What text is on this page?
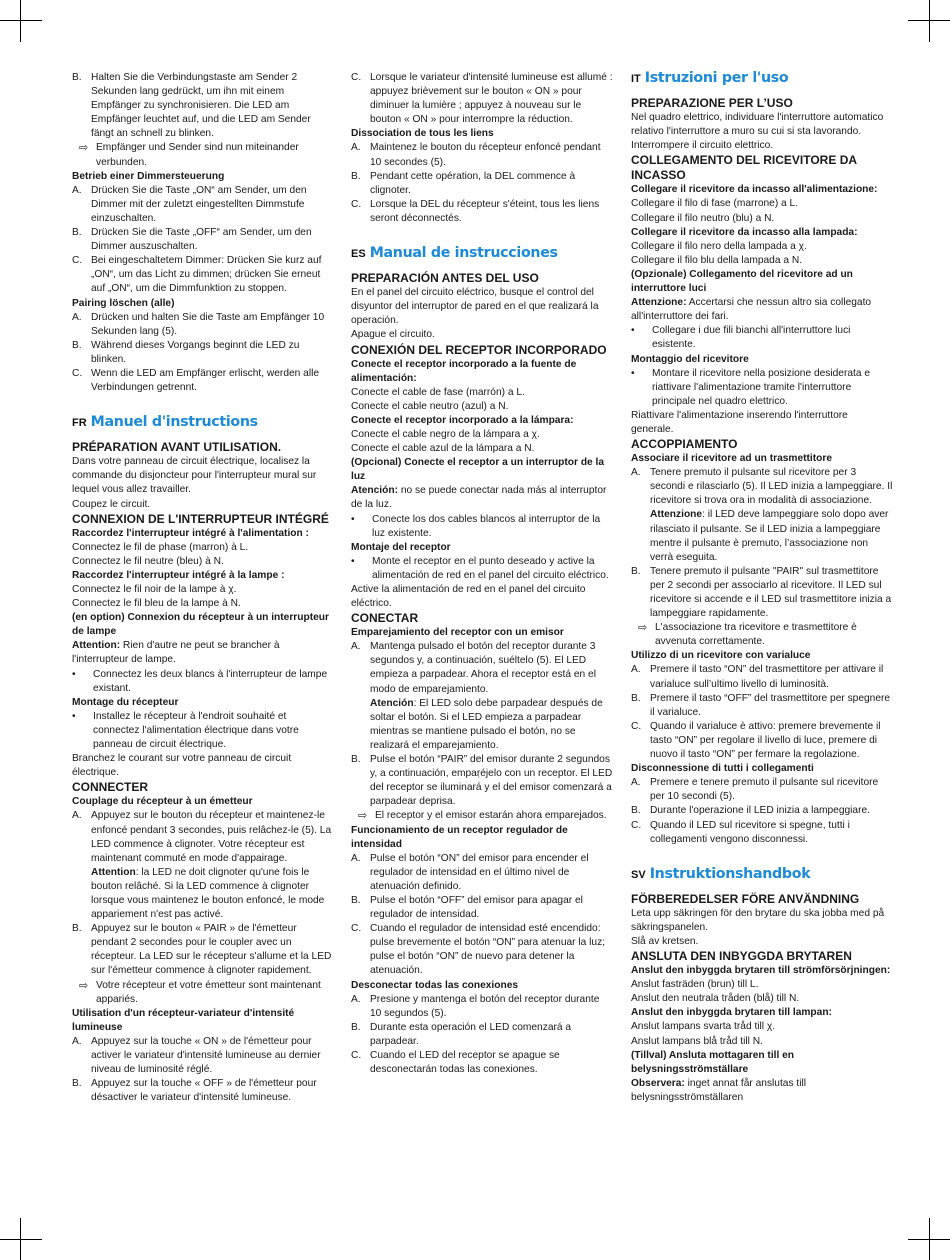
B. Halten Sie die Verbindungstaste am Sender 2 Sekunden lang gedrückt, um ihn mit einem Empfänger zu synchronisieren. Die LED am Empfänger leuchtet auf, und die LED am Sender fängt an schnell zu blinken.
⇨ Empfänger und Sender sind nun miteinander verbunden.

Betrieb einer Dimmersteuerung

A. Drücken Sie die Taste „ON“ am Sender, um den Dimmer mit der zuletzt eingestellten Dimmstufe einzuschalten.
B. Drücken Sie die Taste „OFF“ am Sender, um den Dimmer auszuschalten.
C. Bei eingeschaltetem Dimmer: Drücken Sie kurz auf „ON“, um das Licht zu dimmen; drücken Sie erneut auf „ON“, um die Dimmfunktion zu stoppen.

Pairing löschen (alle)

A. Drücken und halten Sie die Taste am Empfänger 10 Sekunden lang (5).
B. Während dieses Vorgangs beginnt die LED zu blinken.
C. Wenn die LED am Empfänger erlischt, werden alle Verbindungen getrennt.
FR Manuel d'instructions

PRÉPARATION AVANT UTILISATION.

Dans votre panneau de circuit électrique, localisez la commande du disjoncteur pour l'interrupteur mural sur lequel vous allez travailler.

Coupez le circuit.

CONNEXION DE L'INTERRUPTEUR INTÉGRÉ

Raccordez l'interrupteur intégré à l'alimentation :

Connectez le fil de phase (marron) à L.

Connectez le fil neutre (bleu) à N.

Raccordez l'interrupteur intégré à la lampe :

Connectez le fil noir de la lampe à χ.

Connectez le fil bleu de la lampe à N.

(en option) Connexion du récepteur à un interrupteur de lampe

Attention: Rien d'autre ne peut se brancher à l'interrupteur de lampe.

•	Connectez les deux blancs à l'interrupteur de lampe existant.

Montage du récepteur

•	Installez le récepteur à l'endroit souhaité et connectez l'alimentation électrique dans votre panneau de circuit électrique.

Branchez le courant sur votre panneau de circuit électrique.

CONNECTER

Couplage du récepteur à un émetteur

A. Appuyez sur le bouton du récepteur et maintenez-le enfoncé pendant 3 secondes, puis relâchez-le (5). La LED commence à clignoter. Votre récepteur est maintenant commuté en mode d'appairage.

Attention: la LED ne doit clignoter qu'une fois le bouton relâché. Si la LED commence à clignoter lorsque vous maintenez le bouton enfoncé, le mode appariement n'est pas activé.

B. Appuyez sur le bouton « PAIR » de l'émetteur pendant 2 secondes pour le coupler avec un récepteur. La LED sur le récepteur s'allume et la LED sur l'émetteur commence à clignoter rapidement.
⇨ Votre récepteur et votre émetteur sont maintenant appariés.

Utilisation d'un récepteur-variateur d'intensité lumineuse

A. Appuyez sur la touche « ON » de l'émetteur pour activer le variateur d'intensité lumineuse au dernier niveau de luminosité réglé.
B. Appuyez sur la touche « OFF » de l'émetteur pour désactiver le variateur d'intensité lumineuse.
C. Lorsque le variateur d'intensité lumineuse est allumé : appuyez brièvement sur le bouton « ON » pour diminuer la lumière ; appuyez à nouveau sur le bouton « ON » pour interrompre la réduction.

Dissociation de tous les liens

A. Maintenez le bouton du récepteur enfoncé pendant 10 secondes (5).
B. Pendant cette opération, la DEL commence à clignoter.
C. Lorsque la DEL du récepteur s'éteint, tous les liens seront déconnectés.
ES Manual de instrucciones

PREPARACIÓN ANTES DEL USO

En el panel del circuito eléctrico, busque el control del disyuntor del interruptor de pared en el que realizará la operación.

Apague el circuito.

CONEXIÓN DEL RECEPTOR INCORPORADO

Conecte el receptor incorporado a la fuente de alimentación:

Conecte el cable de fase (marrón) a L.

Conecte el cable neutro (azul) a N.

Conecte el receptor incorporado a la lámpara:

Conecte el cable negro de la lámpara a χ.

Conecte el cable azul de la lámpara a N.

(Opcional) Conecte el receptor a un interruptor de la luz

Atención: no se puede conectar nada más al interruptor de la luz.

•	Conecte los dos cables blancos al interruptor de la luz existente.

Montaje del receptor

•	Monte el receptor en el punto deseado y active la alimentación de red en el panel del circuito eléctrico.

Active la alimentación de red en el panel del circuito eléctrico.

CONECTAR

Emparejamiento del receptor con un emisor

A. Mantenga pulsado el botón del receptor durante 3 segundos y, a continuación, suéltelo (5). El LED empieza a parpadear. Ahora el receptor está en el modo de emparejamiento.

Atención: El LED solo debe parpadear después de soltar el botón. Si el LED empieza a parpadear mientras se mantiene pulsado el botón, no se realizará el emparejamiento.

B. Pulse el botón “PAIR” del emisor durante 2 segundos y, a continuación, empaṛéjelo con un receptor. El LED del receptor se iluminará y el del emisor comenzará a parpadear deprisa.
⇨ El receptor y el emisor estarán ahora emparejados.

Funcionamiento de un receptor regulador de intensidad

A. Pulse el botón “ON” del emisor para encender el regulador de intensidad en el último nivel de atenuación definido.
B. Pulse el botón “OFF” del emisor para apagar el regulador de intensidad.
C. Cuando el regulador de intensidad esté encendido: pulse brevemente el botón “ON” para atenuar la luz; pulse el botón “ON” de nuevo para detener la atenuación.

Desconectar todas las conexiones

A. Presione y mantenga el botón del receptor durante 10 segundos (5).
B. Durante esta operación el LED comenzará a parpadear.
C. Cuando el LED del receptor se apague se desconectarán todas las conexiones.
IT Istruzioni per l'uso

PREPARAZIONE PER L’USO

Nel quadro elettrico, individuare l'interruttore automatico relativo l'interruttore a muro su cui si sta lavorando.

Interrompere il circuito elettrico.

COLLEGAMENTO DEL RICEVITORE DA INCASSO

Collegare il ricevitore da incasso all'alimentazione:

Collegare il filo di fase (marrone) a L.

Collegare il filo neutro (blu) a N.

Collegare il ricevitore da incasso alla lampada:

Collegare il filo nero della lampada a χ.

Collegare il filo blu della lampada a N.

(Opzionale) Collegamento del ricevitore ad un interruttore luci

Attenzione: Accertarsi che nessun altro sia collegato all'interruttore dei fari.

•	Collegare i due fili bianchi all'interruttore luci esistente.

Montaggio del ricevitore

•	Montare il ricevitore nella posizione desiderata e riattivare l'alimentazione tramite l'interruttore principale nel quadro elettrico.

Riattivare l'alimentazione inserendo l'interruttore generale.

ACCOPPIAMENTO

Associare il ricevitore ad un trasmettitore

A. Tenere premuto il pulsante sul ricevitore per 3 secondi e rilasciarlo (5). Il LED inizia a lampeggiare. Il ricevitore si trova ora in modalità di associazione.

Attenzione: il LED deve lampeggiare solo dopo aver rilasciato il pulsante. Se il LED inizia a lampeggiare mentre il pulsante è premuto, l’associazione non verrà eseguita.

B. Tenere premuto il pulsante "PAIR" sul trasmettitore per 2 secondi per associarlo al ricevitore. Il LED sul ricevitore si accende e il LED sul trasmettitore inizia a lampeggiare rapidamente.
⇨ L'associazione tra ricevitore e trasmettitore è avvenuta correttamente.

Utilizzo di un ricevitore con varialuce

A. Premere il tasto “ON” del trasmettitore per attivare il varialuce sull’ultimo livello di luminosità.
B. Premere il tasto “OFF” del trasmettitore per spegnere il varialuce.
C. Quando il varialuce è attivo: premere brevemente il tasto “ON” per regolare il livello di luce, premere di nuovo il tasto “ON” per fermare la regolazione.

Disconnessione di tutti i collegamenti

A. Premere e tenere premuto il pulsante sul ricevitore per 10 secondi (5).
B. Durante l'operazione il LED inizia a lampeggiare.
C. Quando il LED sul ricevitore si spegne, tutti i collegamenti vengono disconnessi.
SV Instruktionshandbok

FÖRBEREDELSER FÖRE ANVÄNDNING

Leta upp säkringen för den brytare du ska jobba med på säkringspanelen.

Slå av kretsen.

ANSLUTA DEN INBYGGDA BRYTAREN

Anslut den inbyggda brytaren till strömförsörjningen:

Anslut fasträden (brun) till L.

Anslut den neutrala tråden (blå) till N.

Anslut den inbyggda brytaren till lampan:

Anslut lampans svarta tråd till χ.

Anslut lampans blå tråd till N.

(Tillval) Ansluta mottagaren till en belysningsströmställare

Observera: inget annat får anslutas till belysningsströmställaren
